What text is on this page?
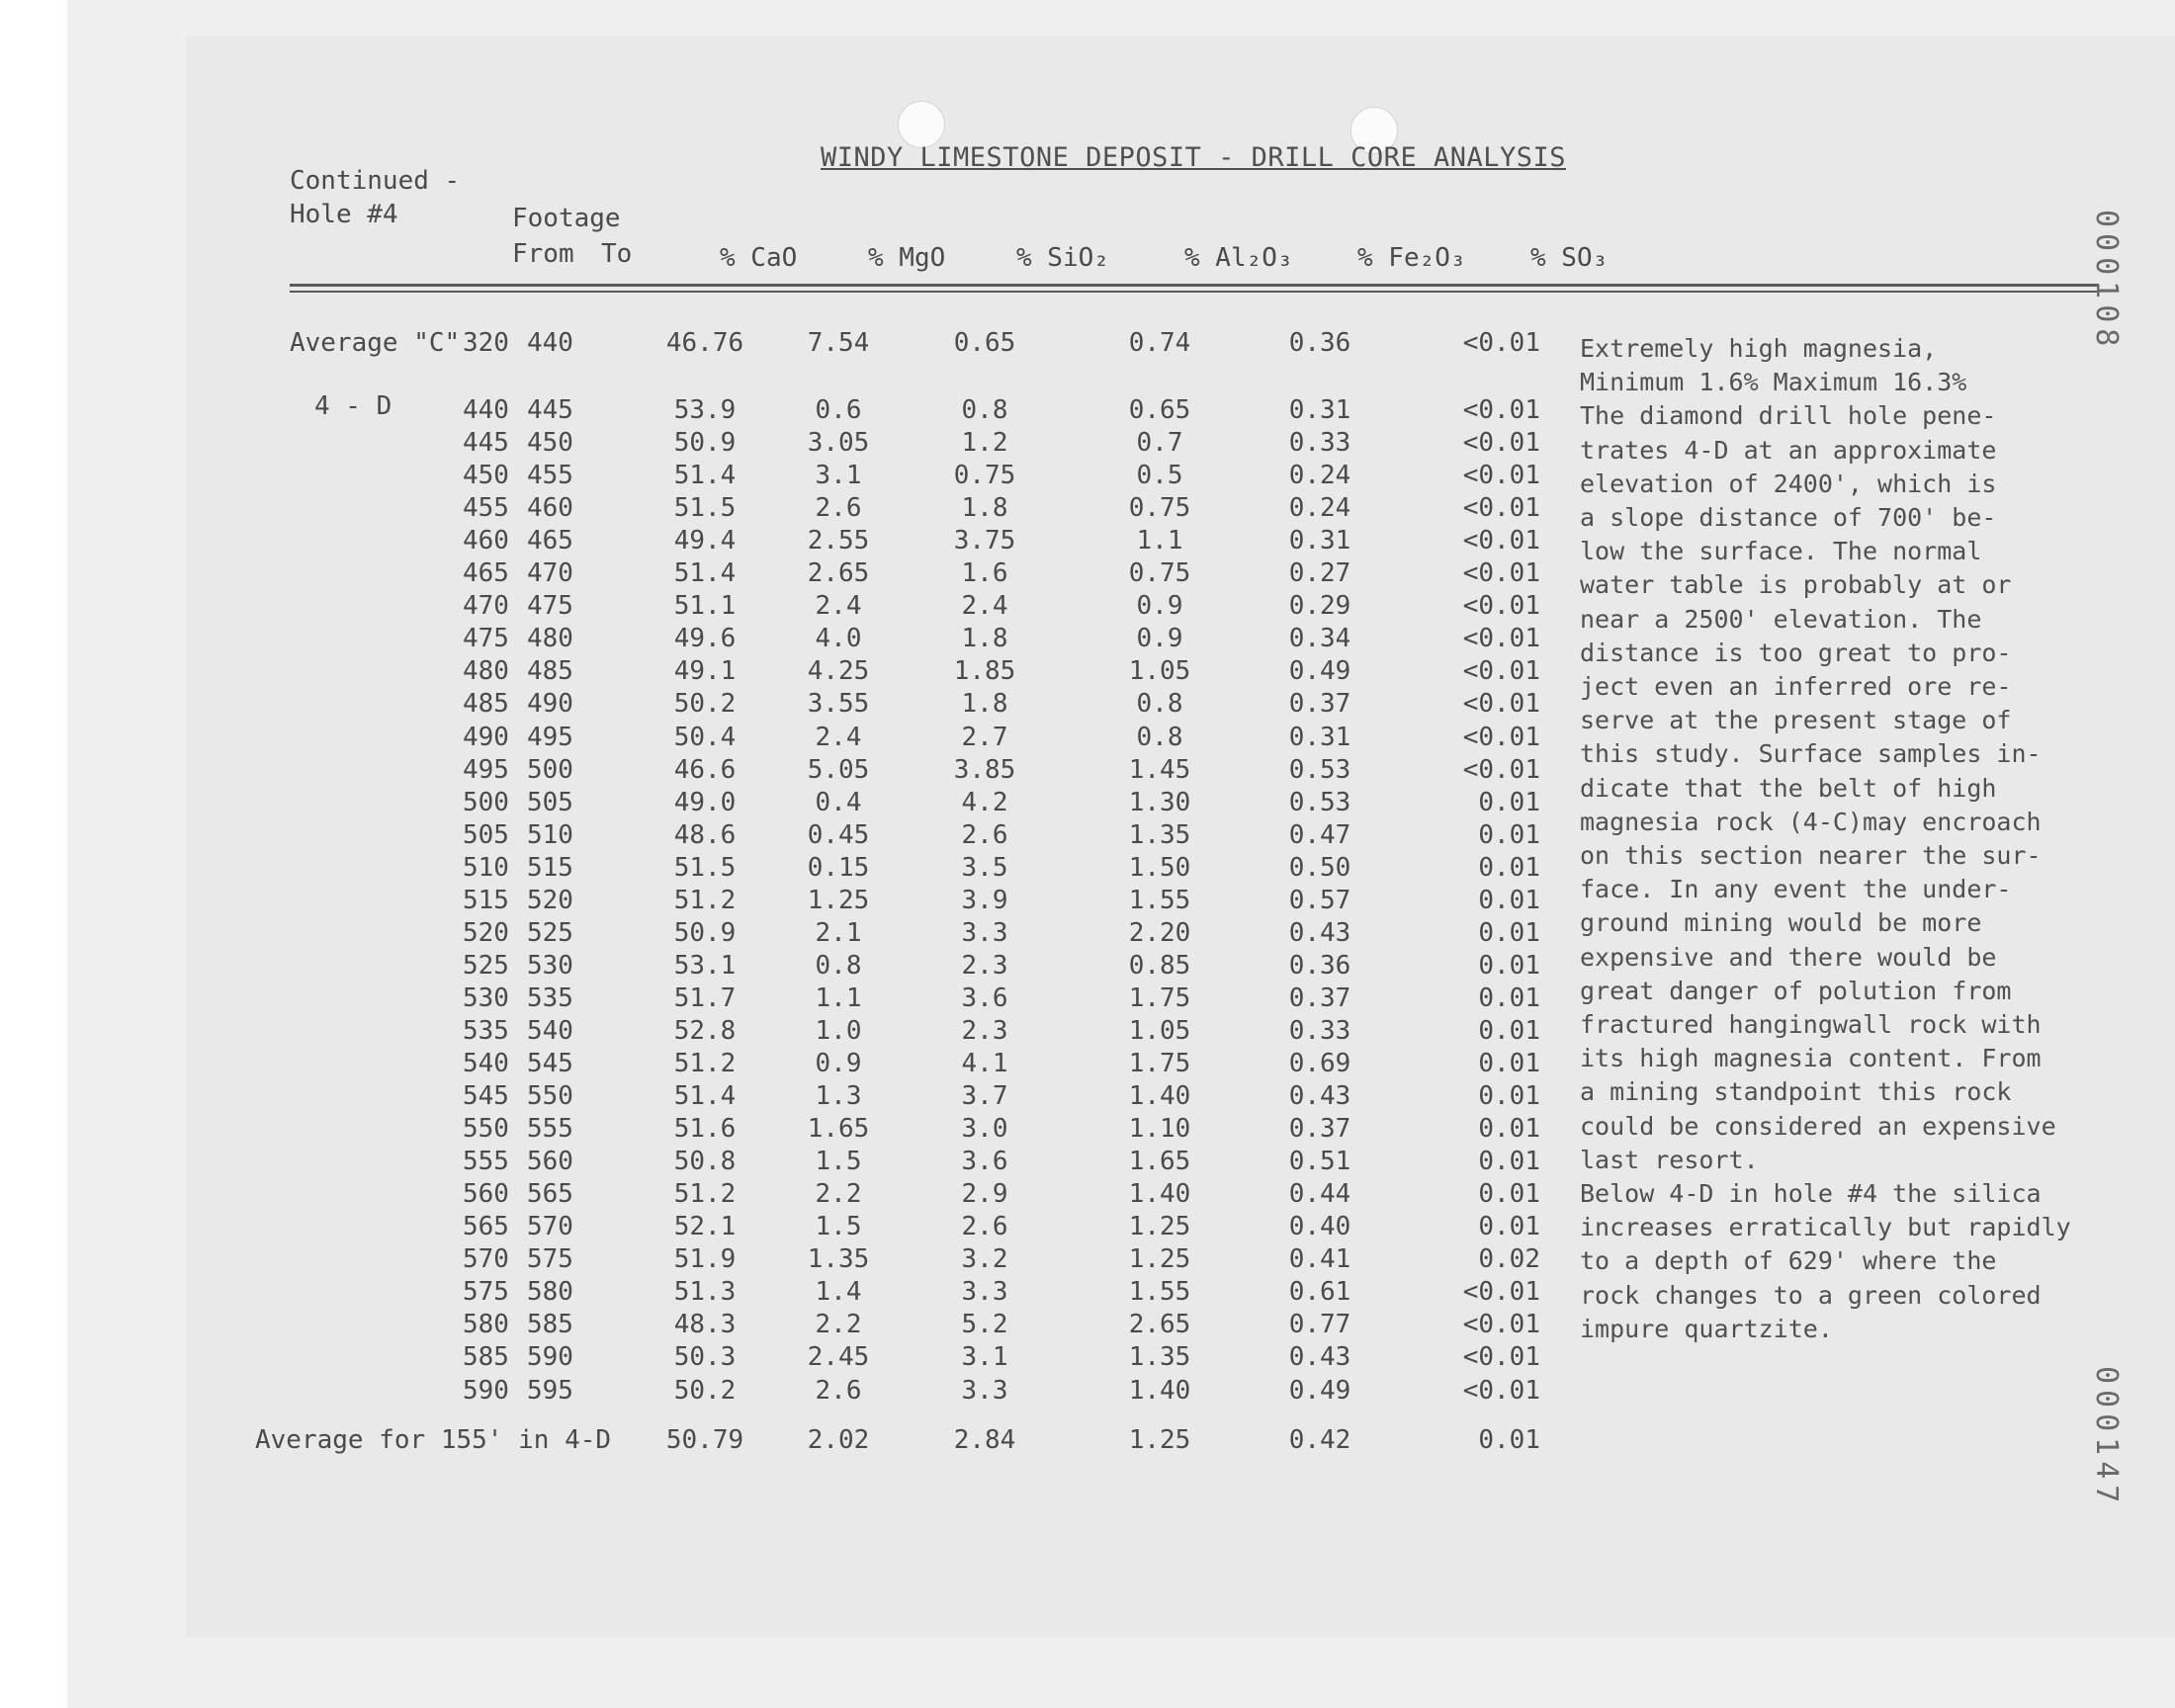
WINDY LIMESTONE DEPOSIT - DRILL CORE ANALYSIS
Continued -
Hole #4	Footage
From To	% CaO	% MgO	% SiO₂	% Al₂O₃	% Fe₂O₃	% SO₃
Average "C" 320 440	46.76	7.54	0.65	0.74	0.36	<0.01
4 - D	440 445	53.9	0.6	0.8	0.65	0.31	<0.01
445 450	50.9	3.05	1.2	0.7	0.33	<0.01
450 455	51.4	3.1	0.75	0.5	0.24	<0.01
455 460	51.5	2.6	1.8	0.75	0.24	<0.01
460 465	49.4	2.55	3.75	1.1	0.31	<0.01
465 470	51.4	2.65	1.6	0.75	0.27	<0.01
470 475	51.1	2.4	2.4	0.9	0.29	<0.01
475 480	49.6	4.0	1.8	0.9	0.34	<0.01
480 485	49.1	4.25	1.85	1.05	0.49	<0.01
485 490	50.2	3.55	1.8	0.8	0.37	<0.01
490 495	50.4	2.4	2.7	0.8	0.31	<0.01
495 500	46.6	5.05	3.85	1.45	0.53	<0.01
500 505	49.0	0.4	4.2	1.30	0.53	0.01
505 510	48.6	0.45	2.6	1.35	0.47	0.01
510 515	51.5	0.15	3.5	1.50	0.50	0.01
515 520	51.2	1.25	3.9	1.55	0.57	0.01
520 525	50.9	2.1	3.3	2.20	0.43	0.01
525 530	53.1	0.8	2.3	0.85	0.36	0.01
530 535	51.7	1.1	3.6	1.75	0.37	0.01
535 540	52.8	1.0	2.3	1.05	0.33	0.01
540 545	51.2	0.9	4.1	1.75	0.69	0.01
545 550	51.4	1.3	3.7	1.40	0.43	0.01
550 555	51.6	1.65	3.0	1.10	0.37	0.01
555 560	50.8	1.5	3.6	1.65	0.51	0.01
560 565	51.2	2.2	2.9	1.40	0.44	0.01
565 570	52.1	1.5	2.6	1.25	0.40	0.01
570 575	51.9	1.35	3.2	1.25	0.41	0.02
575 580	51.3	1.4	3.3	1.55	0.61	<0.01
580 585	48.3	2.2	5.2	2.65	0.77	<0.01
585 590	50.3	2.45	3.1	1.35	0.43	<0.01
590 595	50.2	2.6	3.3	1.40	0.49	<0.01
Average for 155' in 4-D	50.79	2.02	2.84	1.25	0.42	0.01
Extremely high magnesia,
Minimum 1.6% Maximum 16.3%
The diamond drill hole pene-
trates 4-D at an approximate
elevation of 2400', which is
a slope distance of 700' be-
low the surface. The normal
water table is probably at or
near a 2500' elevation. The
distance is too great to pro-
ject even an inferred ore re-
serve at the present stage of
this study. Surface samples in-
dicate that the belt of high
magnesia rock (4-C)may encroach
on this section nearer the sur-
face. In any event the under-
ground mining would be more
expensive and there would be
great danger of polution from
fractured hangingwall rock with
its high magnesia content. From
a mining standpoint this rock
could be considered an expensive
last resort.
Below 4-D in hole #4 the silica
increases erratically but rapidly
to a depth of 629' where the
rock changes to a green colored
impure quartzite.
000108
000147
